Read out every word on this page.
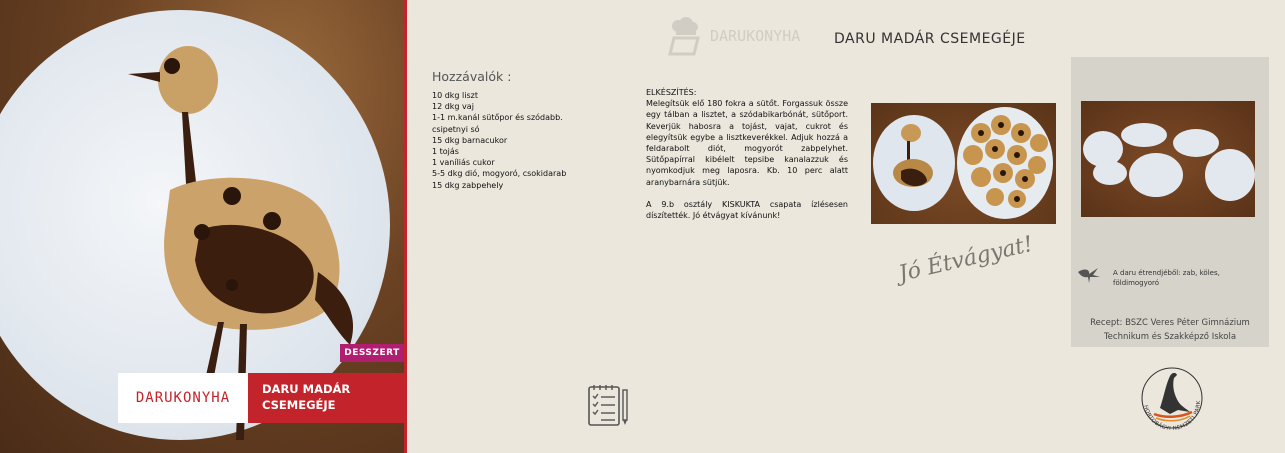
DESSZERT
DARUKONYHA
DARU MADÁR
CSEMEGÉJE
DARUKONYHA DARU MADÁR CSEMEGÉJE
Hozzávalók :
10 dkg liszt
12 dkg vaj
1-1 m.kanál sütőpor és szódabb.
csipetnyi só
15 dkg barnacukor
1 tojás
1 vaníliás cukor
5-5 dkg dió, mogyoró, csokidarab
15 dkg zabpehely
ELKÉSZÍTÉS:

Melegítsük elő 180 fokra a sütőt. Forgassuk össze egy tálban a lisztet, a szódabikarbónát, sütőport. Keverjük habosra a tojást, vajat, cukrot és elegyítsük egybe a lisztkeverékkel. Adjuk hozzá a feldarabolt diót, mogyorót zabpelyhet. Sütőpapírral kibélelt tepsibe kanalazzuk és nyomkodjuk meg laposra. Kb. 10 perc alatt aranybarnára sütjük.

A 9.b osztály KISKUKTA csapata ízlésesen díszítették. Jó étvágyat kívánunk!

Jó Étvágyat!	A daru étrendjéből: zab, köles, földimogyoró
Recept: BSZC Veres Péter Gimnázium
Technikum és Szakképző Iskola
HORTOBÁGYI NEMZETI PARK
